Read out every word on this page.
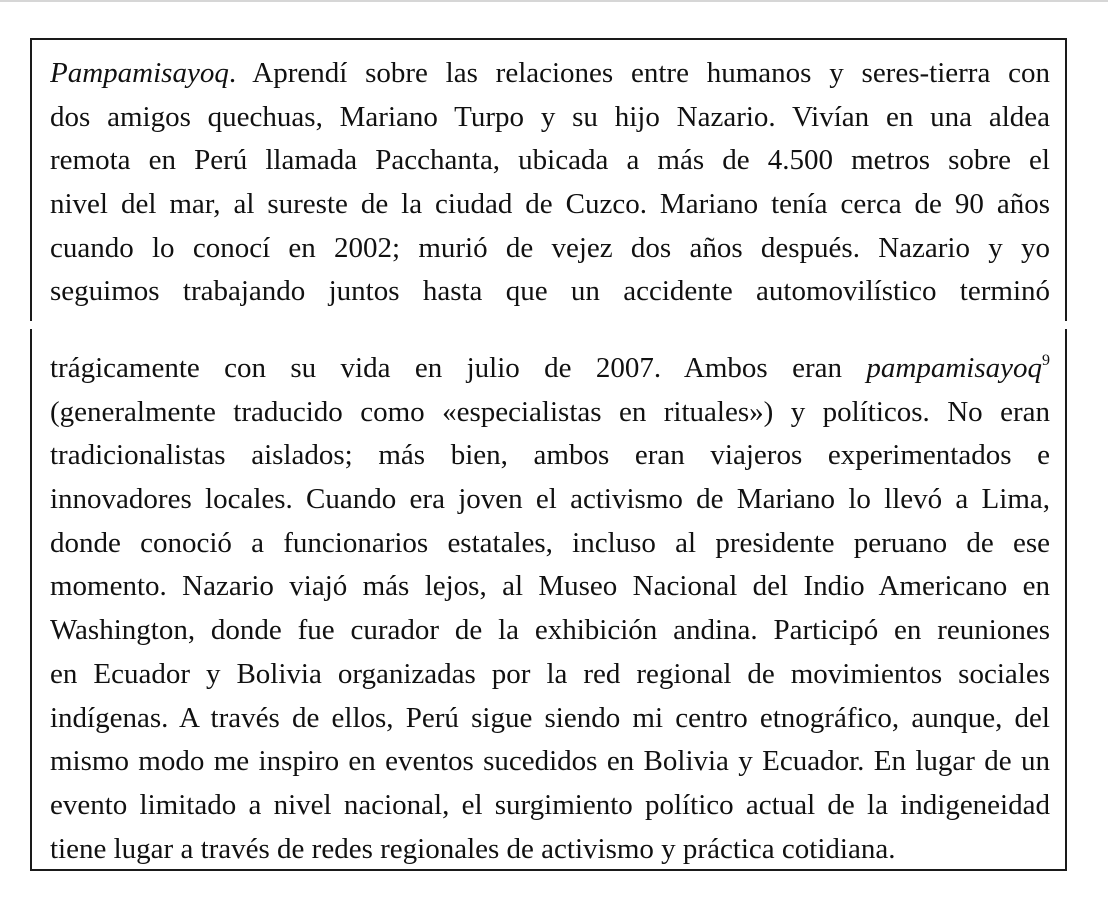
Pampamisayoq. Aprendí sobre las relaciones entre humanos y seres-tierra con
dos amigos quechuas, Mariano Turpo y su hijo Nazario. Vivían en una aldea
remota en Perú llamada Pacchanta, ubicada a más de 4.500 metros sobre el
nivel del mar, al sureste de la ciudad de Cuzco. Mariano tenía cerca de 90 años
cuando lo conocí en 2002; murió de vejez dos años después. Nazario y yo
seguimos trabajando juntos hasta que un accidente automovilístico terminó
trágicamente con su vida en julio de 2007. Ambos eran pampamisayoq$^9$
(generalmente traducido como «especialistas en rituales») y políticos. No eran
tradicionalistas aislados; más bien, ambos eran viajeros experimentados e
innovadores locales. Cuando era joven el activismo de Mariano lo llevó a Lima,
donde conoció a funcionarios estatales, incluso al presidente peruano de ese
momento. Nazario viajó más lejos, al Museo Nacional del Indio Americano en
Washington, donde fue curador de la exhibición andina. Participó en reuniones
en Ecuador y Bolivia organizadas por la red regional de movimientos sociales
indígenas. A través de ellos, Perú sigue siendo mi centro etnográfico, aunque, del
mismo modo me inspiro en eventos sucedidos en Bolivia y Ecuador. En lugar de un
evento limitado a nivel nacional, el surgimiento político actual de la indigeneidad
tiene lugar a través de redes regionales de activismo y práctica cotidiana.
